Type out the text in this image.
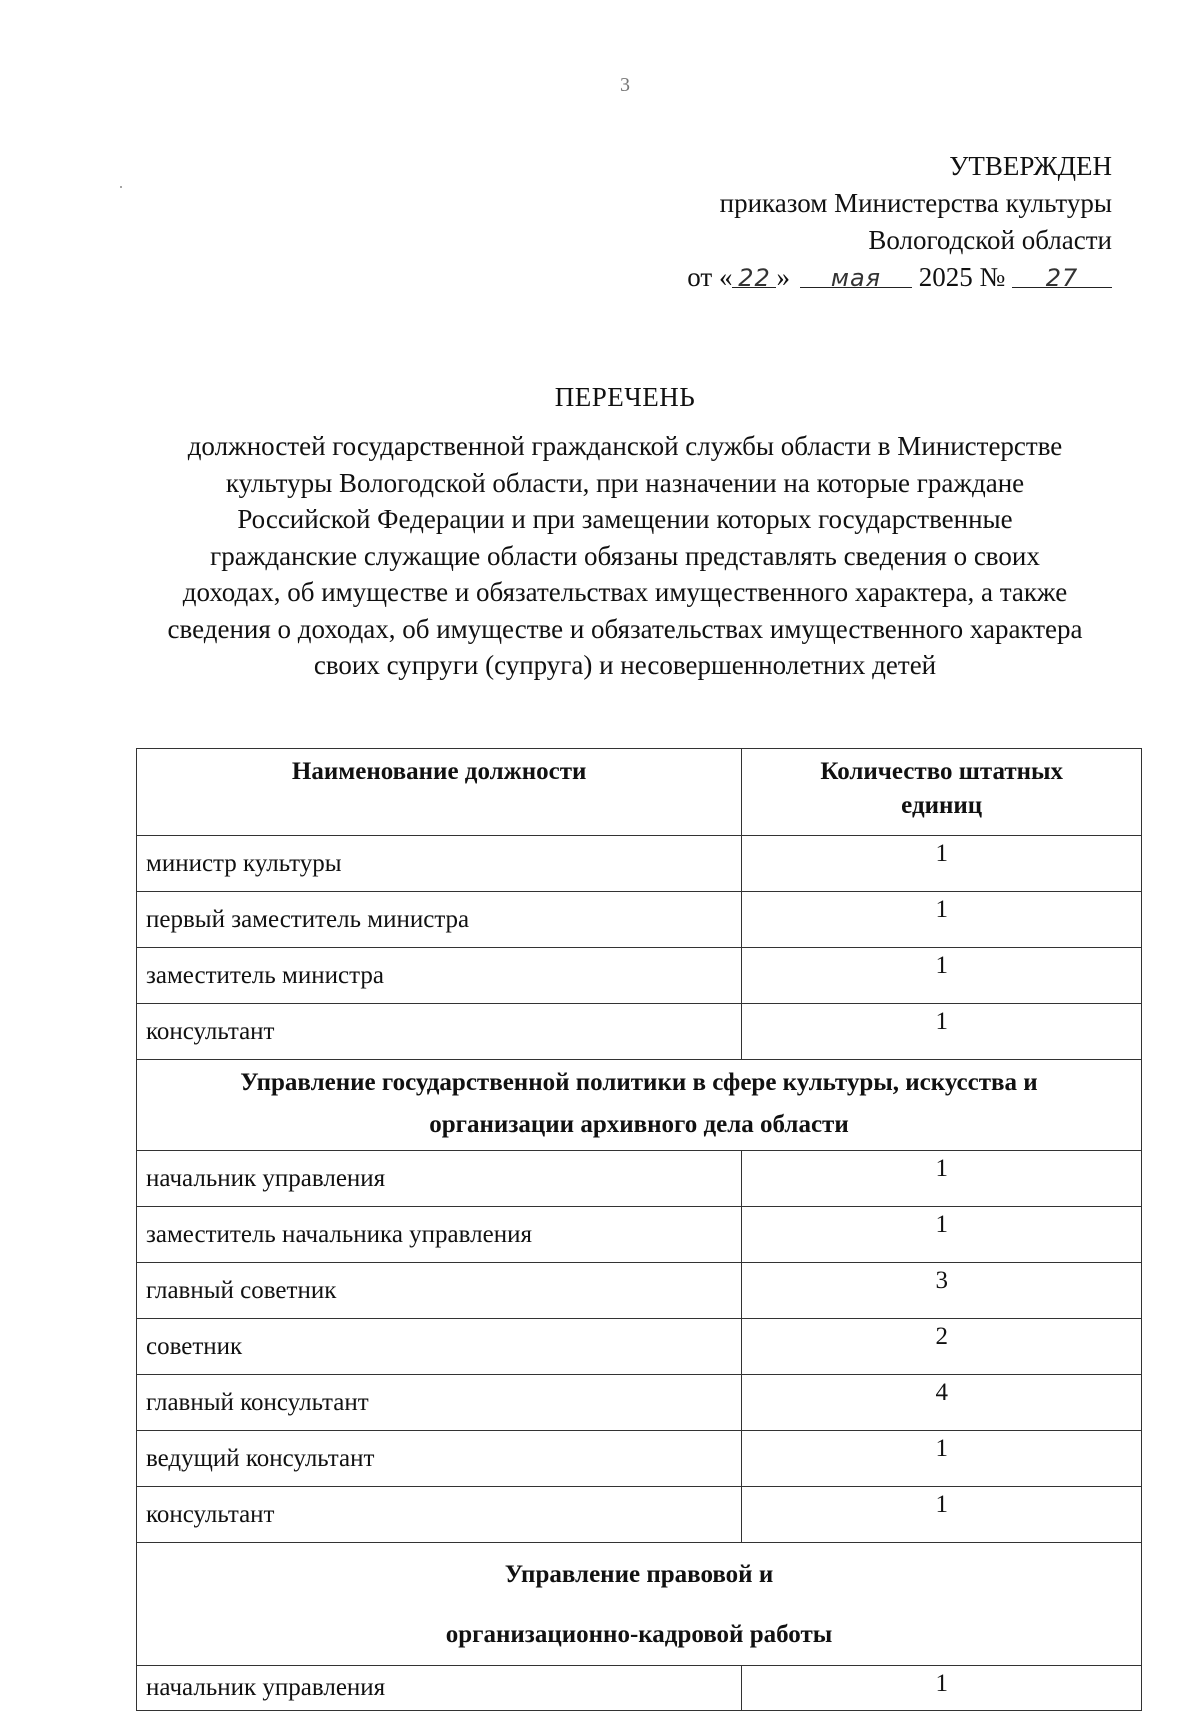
3
УТВЕРЖДЕН
приказом Министерства культуры
Вологодской области
от « 22 » мая 2025 № 27
ПЕРЕЧЕНЬ
должностей государственной гражданской службы области в Министерстве
культуры Вологодской области, при назначении на которые граждане
Российской Федерации и при замещении которых государственные
гражданские служащие области обязаны представлять сведения о своих
доходах, об имуществе и обязательствах имущественного характера, а также
сведения о доходах, об имуществе и обязательствах имущественного характера
своих супруги (супруга) и несовершеннолетних детей
Наименование должности	Количество штатных
единиц
министр культуры	1
первый заместитель министра	1
заместитель министра	1
консультант	1
Управление государственной политики в сфере культуры, искусства и
организации архивного дела области	
начальник управления	1
заместитель начальника управления	1
главный советник	3
советник	2
главный консультант	4
ведущий консультант	1
консультант	1
Управление правовой и
организационно-кадровой работы	
начальник управления	1
